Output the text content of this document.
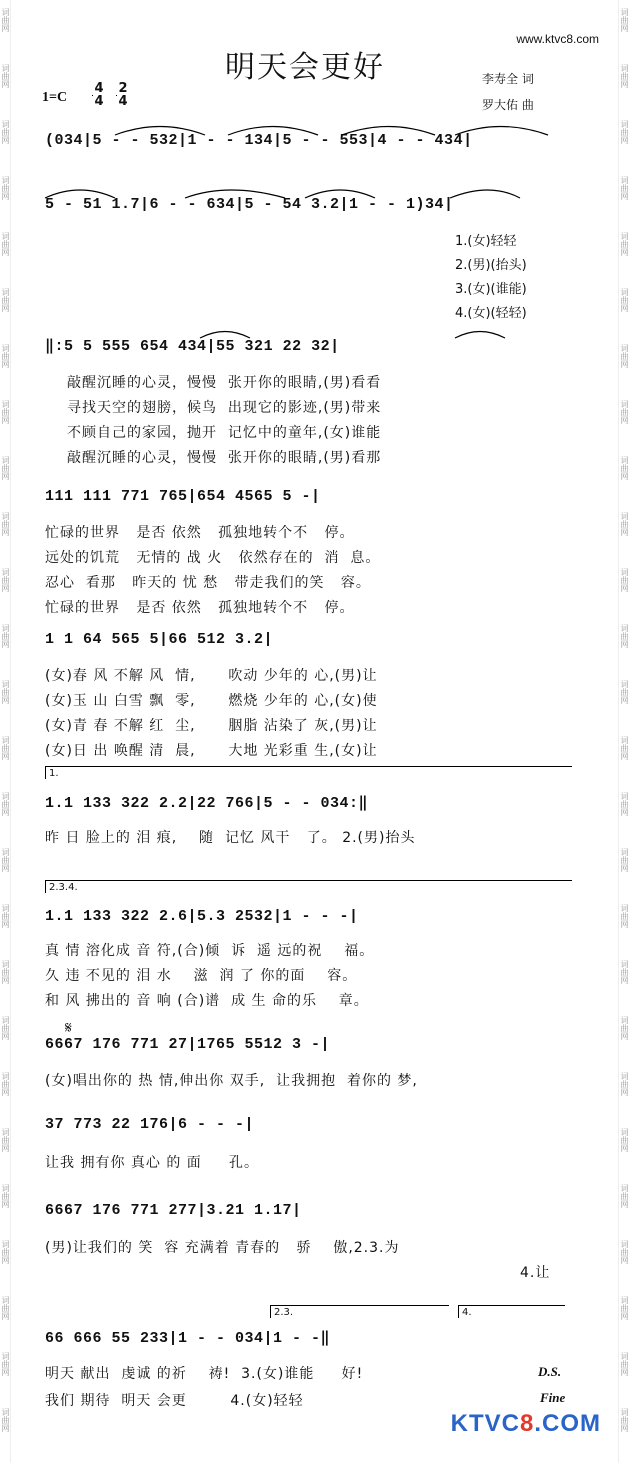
词曲网
词曲网
词曲网
词曲网
词曲网
词曲网
词曲网
词曲网
词曲网
词曲网
词曲网
词曲网
词曲网
词曲网
词曲网
词曲网
词曲网
词曲网
词曲网
词曲网
词曲网
词曲网
词曲网
词曲网
词曲网
词曲网
词曲网
词曲网
词曲网
词曲网
词曲网
词曲网
词曲网
词曲网
词曲网
词曲网
词曲网
词曲网
词曲网
词曲网
词曲网
词曲网
词曲网
词曲网
词曲网
词曲网
词曲网
词曲网
词曲网
词曲网
词曲网
词曲网
www.ktvc8.com
明天会更好	李寿全 词
罗大佑 曲
1=C
4
4
2
4
(034|5 - - 532|1 - - 134|5 - - 553|4 - - 434|
5 - 51 1.7|6 - - 634|5 - 54 3.2|1 - - 1)34|
1.(女)轻轻
2.(男)(抬头)
3.(女)(谁能)
4.(女)(轻轻)
‖:5 5 555 654 434|55 321 22 32|
敲醒沉睡的心灵，慢慢  张开你的眼睛,(男)看看
寻找天空的翅膀，候鸟  出现它的影迹,(男)带来
不顾自己的家园，抛开  记忆中的童年,(女)谁能
敲醒沉睡的心灵，慢慢  张开你的眼睛,(男)看那
111 111 771 765|654 4565 5 -|
忙碌的世界   是否 依然   孤独地转个不   停。
远处的饥荒   无情的 战 火   依然存在的  消  息。
忍心  看那   昨天的 忧 愁   带走我们的笑   容。
忙碌的世界   是否 依然   孤独地转个不   停。
1 1 64 565 5|66 512 3.2|
(女)春 风 不解 风  情,      吹动 少年的 心,(男)让
(女)玉 山 白雪 飘  零,      燃烧 少年的 心,(女)使
(女)青 春 不解 红  尘,      胭脂 沾染了 灰,(男)让
(女)日 出 唤醒 清  晨,      大地 光彩重 生,(女)让
1.
1.1 133 322 2.2|22 766|5 - - 034:‖
昨 日 脸上的 泪 痕,    随  记忆 风干   了。 2.(男)抬头
2.3.4.
1.1 133 322 2.6|5.3 2532|1 - - -|
真 情 溶化成 音 符,(合)倾  诉  遥 远的祝    福。
久 违 不见的 泪 水    滋  润 了 你的面    容。
和 风 拂出的 音 响 (合)谱  成 生 命的乐    章。
𝄋
6667 176 771 27|1765 5512 3 -|
(女)唱出你的 热 情,伸出你 双手,  让我拥抱  着你的 梦,
37 773 22 176|6 - - -|
让我 拥有你 真心 的 面     孔。
6667 176 771 277|3.21 1.17|
(男)让我们的 笑  容 充满着 青春的   骄    傲,2.3.为
4.让
2.3.	4.
66 666 55 233|1 - - 034|1 - -‖
明天 献出  虔诚 的祈    祷!  3.(女)谁能     好!
我们 期待  明天 会更        4.(女)轻轻
D.S.
Fine
KTVC8.COM
